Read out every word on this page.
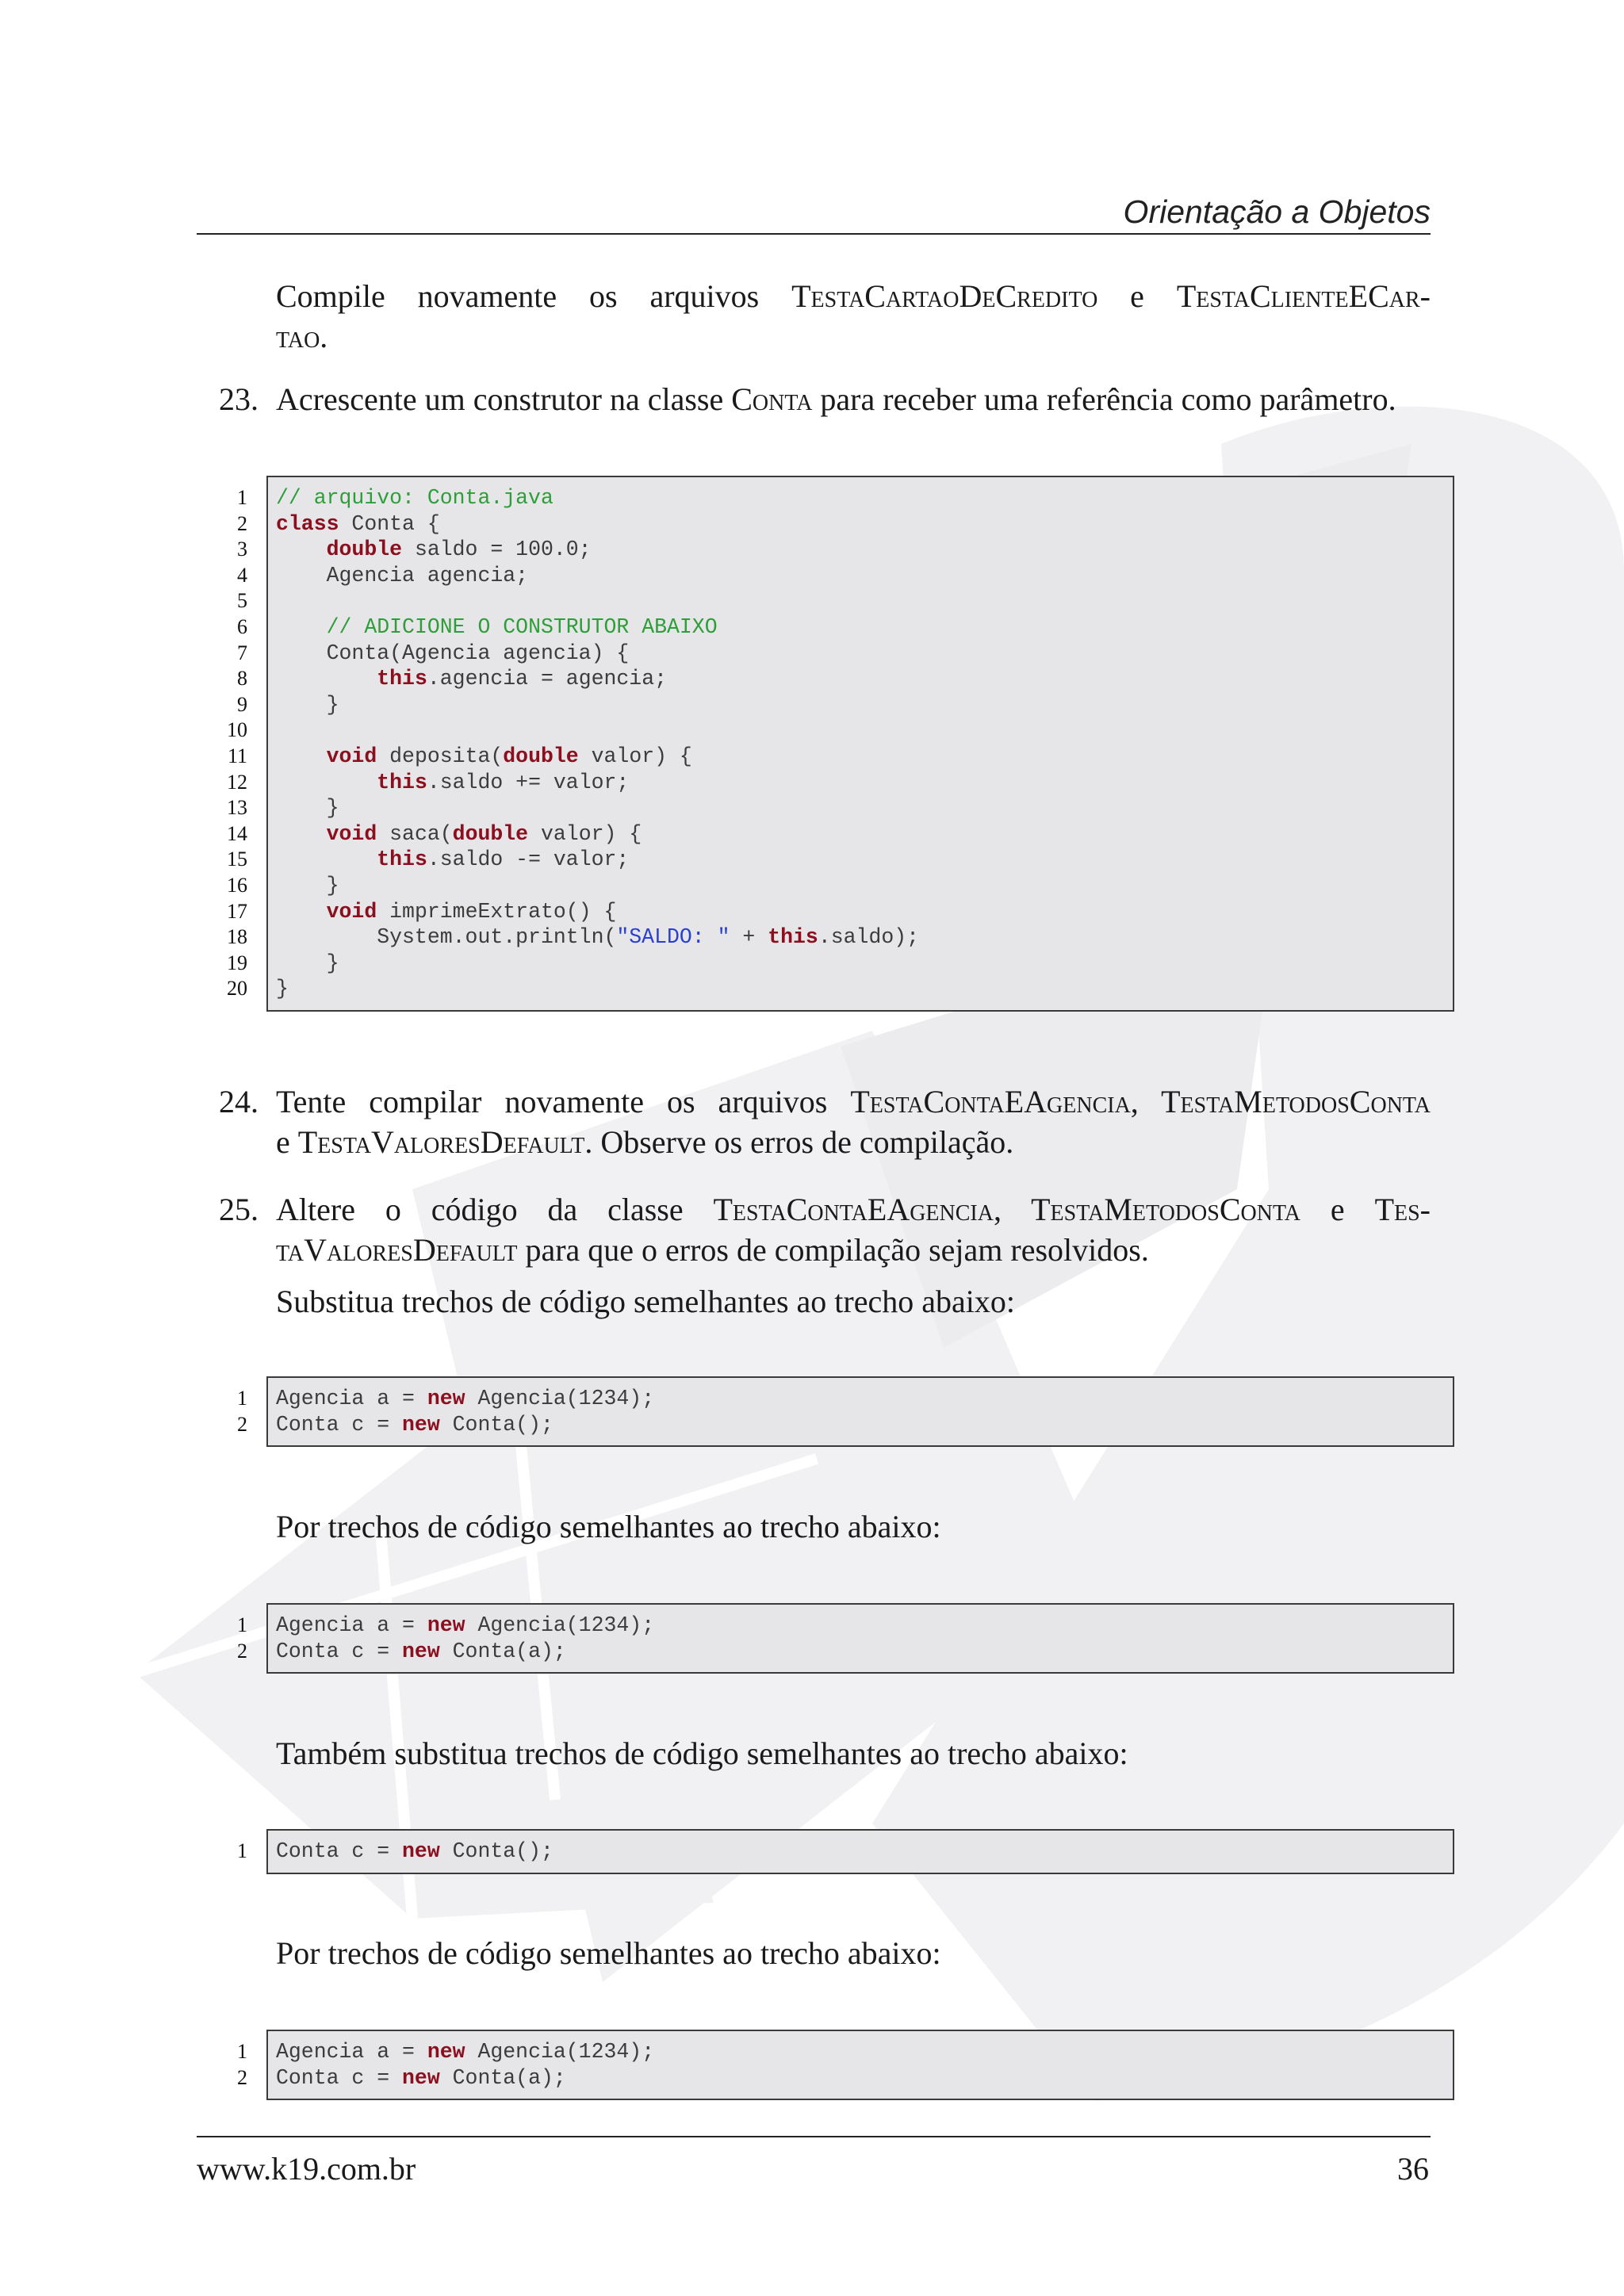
Orientação a Objetos
Compile novamente os arquivos TestaCartaoDeCredito e TestaClienteECar-
tao.
23. Acrescente um construtor na classe Conta para receber uma referência como parâmetro.
1
2
3
4
5
6
7
8
9
10
11
12
13
14
15
16
17
18
19
20
// arquivo: Conta.java
class Conta {
double saldo = 100.0;
Agencia agencia;
// ADICIONE O CONSTRUTOR ABAIXO
Conta(Agencia agencia) {
this.agencia = agencia;
}
void deposita(double valor) {
this.saldo += valor;
}
void saca(double valor) {
this.saldo -= valor;
}
void imprimeExtrato() {
System.out.println("SALDO: " + this.saldo);
}
}
24. Tente compilar novamente os arquivos TestaContaEAgencia, TestaMetodosConta
e TestaValoresDefault. Observe os erros de compilação.
25. Altere o código da classe TestaContaEAgencia, TestaMetodosConta e Tes-
taValoresDefault para que o erros de compilação sejam resolvidos.
Substitua trechos de código semelhantes ao trecho abaixo:
1
2
Agencia a = new Agencia(1234);
Conta c = new Conta();
Por trechos de código semelhantes ao trecho abaixo:
1
2
Agencia a = new Agencia(1234);
Conta c = new Conta(a);
Também substitua trechos de código semelhantes ao trecho abaixo:
1 Conta c = new Conta();
Por trechos de código semelhantes ao trecho abaixo:
1
2
Agencia a = new Agencia(1234);
Conta c = new Conta(a);
www.k19.com.br	36
